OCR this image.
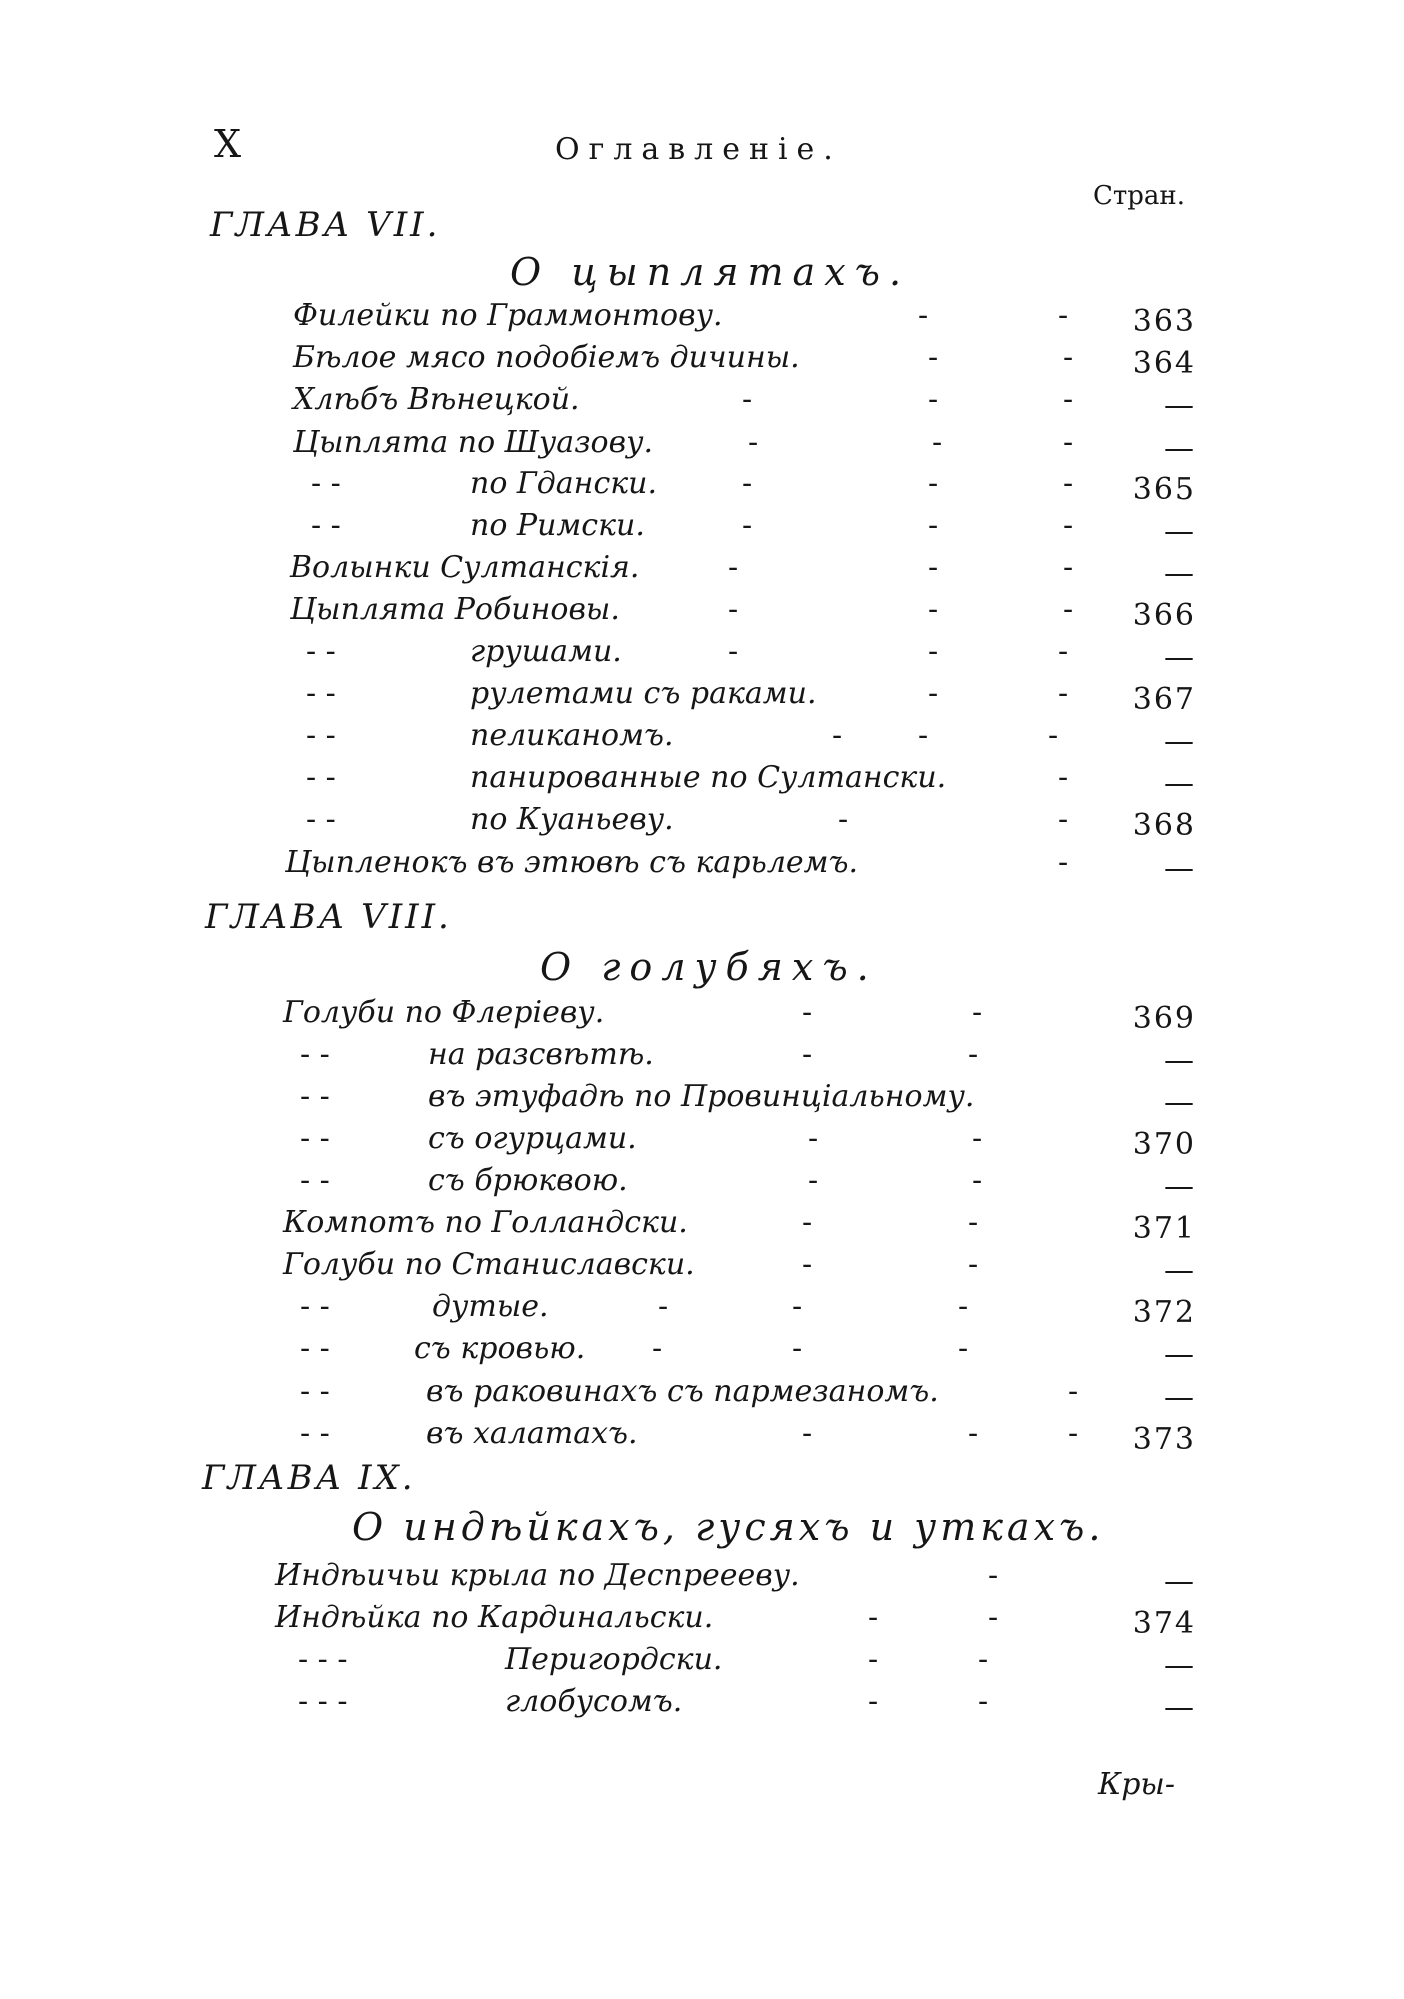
X	Оглавленіе.
Стран.
ГЛАВА VII.
О цыплятахъ.
Филейки по Граммонтову.	-	- 363
Бѣлое мясо подобіемъ дичины.	-	- 364
Хлѣбъ Вѣнецкой.	-	-	-	—
Цыплята по Шуазову.	-	-	-	—
- -	по Гдански.	-	-	- 365
- -	по Римски.	-	-	-	—
Волынки Султанскія.	-	-	-	—
Цыплята Робиновы.	-	-	- 366
- -	грушами.	-	-	-	—
- -	рулетами съ раками.	-	- 367
- -	пеликаномъ.	-	-	-	—
- -	панированные по Султански.	-	—
- -	по Куаньеву.	-	- 368
Цыпленокъ въ этювѣ съ карьлемъ.	-	—
ГЛАВА VIII.
О голубяхъ.
Голуби по Флеріеву.	-	-	369
- -	на разсвѣтѣ.	-	-	—
- -	въ этуфадѣ по Провинціальному.	—
- -	съ огурцами.	-	-	370
- -	съ брюквою.	-	-	—
Компотъ по Голландски.	-	-	371
Голуби по Станиславски.	-	-	—
- -	дутые.	-	-	-	372
- -	съ кровью. -	-	-	—
- -	въ раковинахъ съ пармезаномъ.	-	—
- -	въ халатахъ.	-	-	- 373
ГЛАВА IX.
О индѣйкахъ, гусяхъ и уткахъ.
Индѣичьи крыла по Деспреееву.	-	—
Индѣйка по Кардинальски.	-	-	374
- - -	Перигордски.	-	-	—
- - -	глобусомъ.	-	-	—
Кры-
